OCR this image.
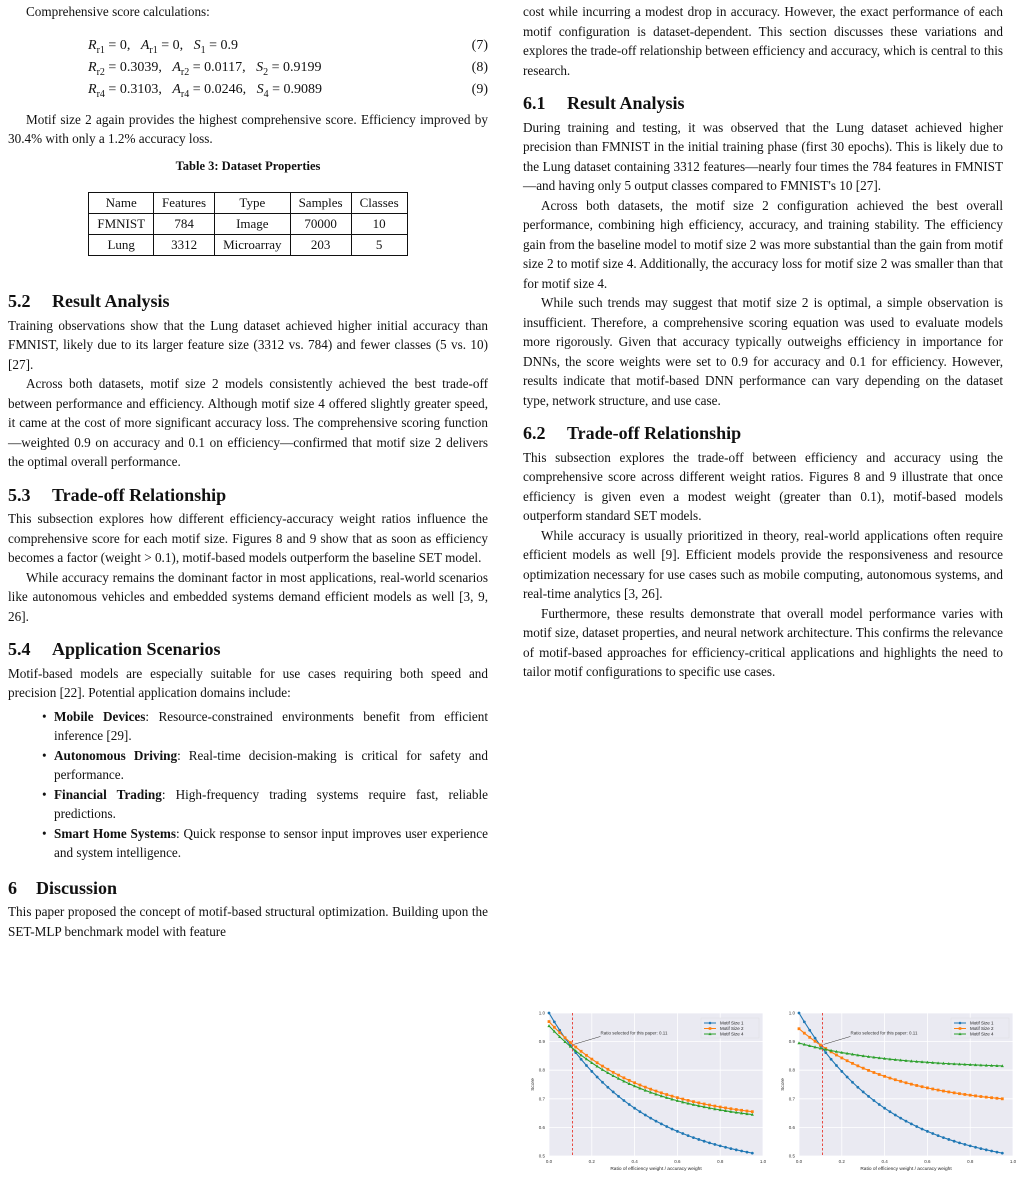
Comprehensive score calculations:

$R_{r1} = 0$,   $A_{r1} = 0$,   $S_1 = 0.9$	(7)
$R_{r2} = 0.3039$,   $A_{r2} = 0.0117$,   $S_2 = 0.9199$	(8)
$R_{r4} = 0.3103$,   $A_{r4} = 0.0246$,   $S_4 = 0.9089$	(9)

Motif size 2 again provides the highest comprehensive score. Efficiency improved by 30.4% with only a 1.2% accuracy loss.

Table 3: Dataset Properties

Name	Features	Type	Samples	Classes
FMNIST	784	Image	70000	10
Lung	3312	Microarray	203	5
5.2 Result Analysis

Training observations show that the Lung dataset achieved higher initial accuracy than FMNIST, likely due to its larger feature size (3312 vs. 784) and fewer classes (5 vs. 10) [27].

Across both datasets, motif size 2 models consistently achieved the best trade-off between performance and efficiency. Although motif size 4 offered slightly greater speed, it came at the cost of more significant accuracy loss. The comprehensive scoring function—weighted 0.9 on accuracy and 0.1 on efficiency—confirmed that motif size 2 delivers the optimal overall performance.

5.3 Trade-off Relationship

This subsection explores how different efficiency-accuracy weight ratios influence the comprehensive score for each motif size. Figures 8 and 9 show that as soon as efficiency becomes a factor (weight > 0.1), motif-based models outperform the baseline SET model.

While accuracy remains the dominant factor in most applications, real-world scenarios like autonomous vehicles and embedded systems demand efficient models as well [3, 9, 26].

5.4 Application Scenarios

Motif-based models are especially suitable for use cases requiring both speed and precision [22]. Potential application domains include:

• Mobile Devices: Resource-constrained environments benefit from efficient inference [29].
• Autonomous Driving: Real-time decision-making is critical for safety and performance.
• Financial Trading: High-frequency trading systems require fast, reliable predictions.
• Smart Home Systems: Quick response to sensor input improves user experience and system intelligence.
6 Discussion

This paper proposed the concept of motif-based structural optimization. Building upon the SET-MLP benchmark model with feature

cost while incurring a modest drop in accuracy. However, the exact performance of each motif configuration is dataset-dependent. This section discusses these variations and explores the trade-off relationship between efficiency and accuracy, which is central to this research.

6.1 Result Analysis

During training and testing, it was observed that the Lung dataset achieved higher precision than FMNIST in the initial training phase (first 30 epochs). This is likely due to the Lung dataset containing 3312 features—nearly four times the 784 features in FMNIST—and having only 5 output classes compared to FMNIST's 10 [27].

Across both datasets, the motif size 2 configuration achieved the best overall performance, combining high efficiency, accuracy, and training stability. The efficiency gain from the baseline model to motif size 2 was more substantial than the gain from motif size 2 to motif size 4. Additionally, the accuracy loss for motif size 2 was smaller than that for motif size 4.

While such trends may suggest that motif size 2 is optimal, a simple observation is insufficient. Therefore, a comprehensive scoring equation was used to evaluate models more rigorously. Given that accuracy typically outweighs efficiency in importance for DNNs, the score weights were set to 0.9 for accuracy and 0.1 for efficiency. However, results indicate that motif-based DNN performance can vary depending on the dataset type, network structure, and use case.

6.2 Trade-off Relationship

This subsection explores the trade-off between efficiency and accuracy using the comprehensive score across different weight ratios. Figures 8 and 9 illustrate that once efficiency is given even a modest weight (greater than 0.1), motif-based models outperform standard SET models.

While accuracy is usually prioritized in theory, real-world applications often require efficient models as well [9]. Efficient models provide the responsiveness and resource optimization necessary for use cases such as mobile computing, autonomous systems, and real-time analytics [3, 26].

Furthermore, these results demonstrate that overall model performance varies with motif size, dataset properties, and neural network architecture. This confirms the relevance of motif-based approaches for efficiency-critical applications and highlights the need to tailor motif configurations to specific use cases.

0.5
0.6
0.7
0.8
0.9
1.0
0.0	0.2	0.4	0.6	0.8	1.0
Ratio of efficiency weight / accuracy weight
Score
Ratio selected for this paper: 0.11
Motif Size 1
Motif Size 2
Motif Size 4
0.5
0.6
0.7
0.8
0.9
1.0
0.0	0.2	0.4	0.6	0.8	1.0
Ratio of efficiency weight / accuracy weight
Score
Ratio selected for this paper: 0.11
Motif Size 1
Motif Size 2
Motif Size 4
